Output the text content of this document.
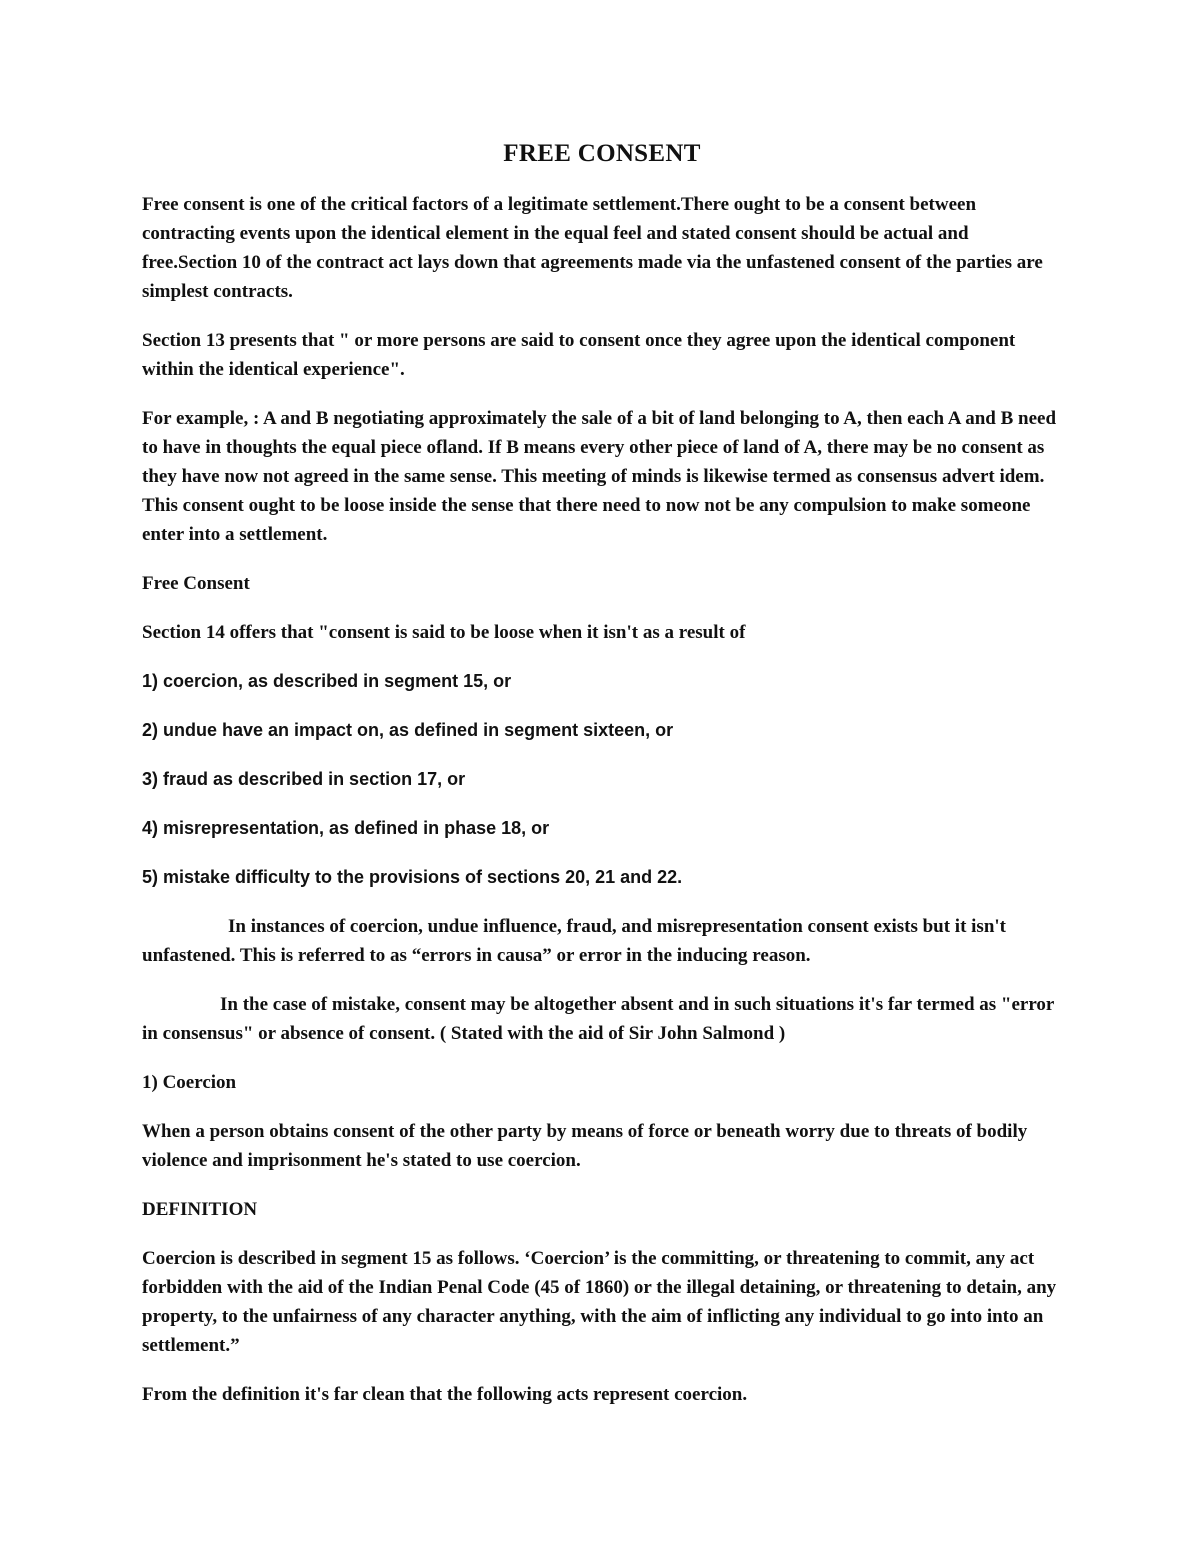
FREE CONSENT

Free consent is one of the critical factors of a legitimate settlement.There ought to be a consent between contracting events upon the identical element in the equal feel and stated consent should be actual and free.Section 10 of the contract act lays down that agreements made via the unfastened consent of the parties are simplest contracts.

Section 13 presents that " or more persons are said to consent once they agree upon the identical component within the identical experience".

For example, : A and B negotiating approximately the sale of a bit of land belonging to A, then each A and B need to have in thoughts the equal piece ofland. If B means every other piece of land of A, there may be no consent as they have now not agreed in the same sense. This meeting of minds is likewise termed as consensus advert idem. This consent ought to be loose inside the sense that there need to now not be any compulsion to make someone enter into a settlement.

Free Consent

Section 14 offers that "consent is said to be loose when it isn't as a result of

1) coercion, as described in segment 15, or
2) undue have an impact on, as defined in segment sixteen, or
3) fraud as described in section 17, or
4) misrepresentation, as defined in phase 18, or
5) mistake difficulty to the provisions of sections 20, 21 and 22.

In instances of coercion, undue influence, fraud, and misrepresentation consent exists but it isn't unfastened. This is referred to as “errors in causa” or error in the inducing reason.

In the case of mistake, consent may be altogether absent and in such situations it's far termed as "error in consensus" or absence of consent. ( Stated with the aid of Sir John Salmond )

1) Coercion

When a person obtains consent of the other party by means of force or beneath worry due to threats of bodily violence and imprisonment he's stated to use coercion.

DEFINITION

Coercion is described in segment 15 as follows. ‘Coercion’ is the committing, or threatening to commit, any act forbidden with the aid of the Indian Penal Code (45 of 1860) or the illegal detaining, or threatening to detain, any property, to the unfairness of any character anything, with the aim of inflicting any individual to go into into an settlement.”

From the definition it's far clean that the following acts represent coercion.
